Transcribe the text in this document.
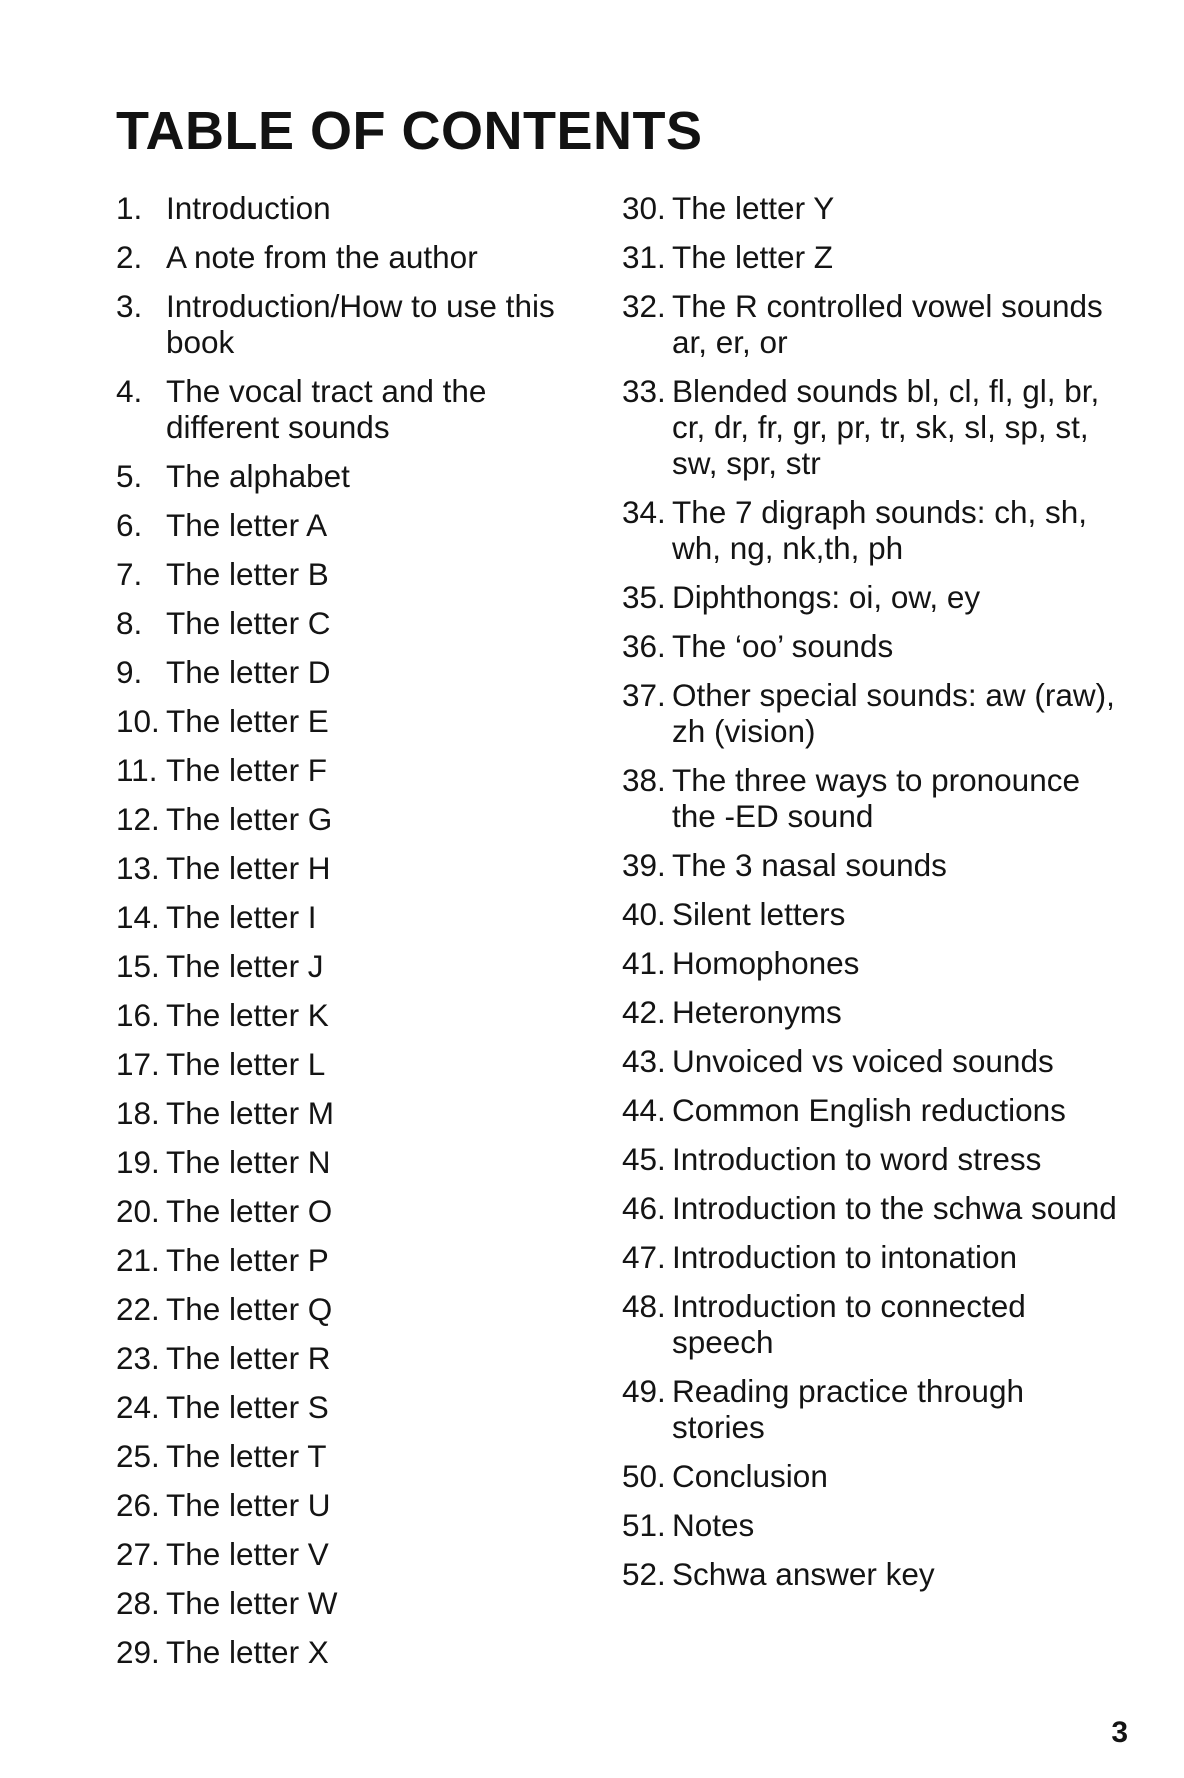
TABLE OF CONTENTS
1. Introduction
2. A note from the author
3. Introduction/How to use this book
4. The vocal tract and the different sounds
5. The alphabet
6. The letter A
7. The letter B
8. The letter C
9. The letter D
10. The letter E
11. The letter F
12. The letter G
13. The letter H
14. The letter I
15. The letter J
16. The letter K
17. The letter L
18. The letter M
19. The letter N
20. The letter O
21. The letter P
22. The letter Q
23. The letter R
24. The letter S
25. The letter T
26. The letter U
27. The letter V
28. The letter W
29. The letter X
30. The letter Y
31. The letter Z
32. The R controlled vowel sounds ar, er, or
33. Blended sounds bl, cl, fl, gl, br, cr, dr, fr, gr, pr, tr, sk, sl, sp, st, sw, spr, str
34. The 7 digraph sounds: ch, sh, wh, ng, nk,th, ph
35. Diphthongs: oi, ow, ey
36. The ‘oo’ sounds
37. Other special sounds: aw (raw), zh (vision)
38. The three ways to pronounce the -ED sound
39. The 3 nasal sounds
40. Silent letters
41. Homophones
42. Heteronyms
43. Unvoiced vs voiced sounds
44. Common English reductions
45. Introduction to word stress
46. Introduction to the schwa sound
47. Introduction to intonation
48. Introduction to connected speech
49. Reading practice through stories
50. Conclusion
51. Notes
52. Schwa answer key
3
